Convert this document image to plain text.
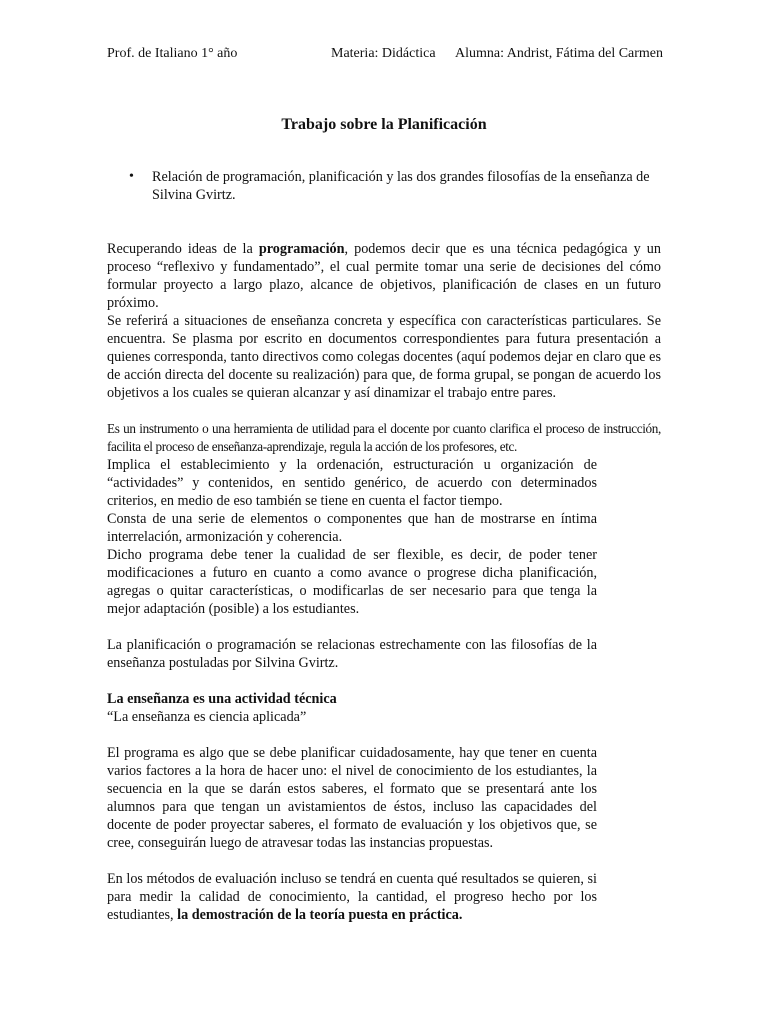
Prof. de Italiano 1° año	Materia: Didáctica Alumna: Andrist, Fátima del Carmen
Trabajo sobre la Planificación
• Relación de programación, planificación y las dos grandes filosofías de la enseñanza de Silvina Gvirtz.

Recuperando ideas de la programación, podemos decir que es una técnica pedagógica y un proceso “reflexivo y fundamentado”, el cual permite tomar una serie de decisiones del cómo formular proyecto a largo plazo, alcance de objetivos, planificación de clases en un futuro próximo.

Se referirá a situaciones de enseñanza concreta y específica con características particulares. Se encuentra. Se plasma por escrito en documentos correspondientes para futura presentación a quienes corresponda, tanto directivos como colegas docentes (aquí podemos dejar en claro que es de acción directa del docente su realización) para que, de forma grupal, se pongan de acuerdo los objetivos a los cuales se quieran alcanzar y así dinamizar el trabajo entre pares.

Es un instrumento o una herramienta de utilidad para el docente por cuanto clarifica el proceso de instrucción, facilita el proceso de enseñanza-aprendizaje, regula la acción de los profesores, etc.

Implica el establecimiento y la ordenación, estructuración u organización de “actividades” y contenidos, en sentido genérico, de acuerdo con determinados criterios, en medio de eso también se tiene en cuenta el factor tiempo.

Consta de una serie de elementos o componentes que han de mostrarse en íntima interrelación, armonización y coherencia.

Dicho programa debe tener la cualidad de ser flexible, es decir, de poder tener modificaciones a futuro en cuanto a como avance o progrese dicha planificación, agregas o quitar características, o modificarlas de ser necesario para que tenga la mejor adaptación (posible) a los estudiantes.

La planificación o programación se relacionas estrechamente con las filosofías de la enseñanza postuladas por Silvina Gvirtz.

La enseñanza es una actividad técnica

“La enseñanza es ciencia aplicada”

El programa es algo que se debe planificar cuidadosamente, hay que tener en cuenta varios factores a la hora de hacer uno: el nivel de conocimiento de los estudiantes, la secuencia en la que se darán estos saberes, el formato que se presentará ante los alumnos para que tengan un avistamientos de éstos, incluso las capacidades del docente de poder proyectar saberes, el formato de evaluación y los objetivos que, se cree, conseguirán luego de atravesar todas las instancias propuestas.

En los métodos de evaluación incluso se tendrá en cuenta qué resultados se quieren, si para medir la calidad de conocimiento, la cantidad, el progreso hecho por los estudiantes, la demostración de la teoría puesta en práctica.
